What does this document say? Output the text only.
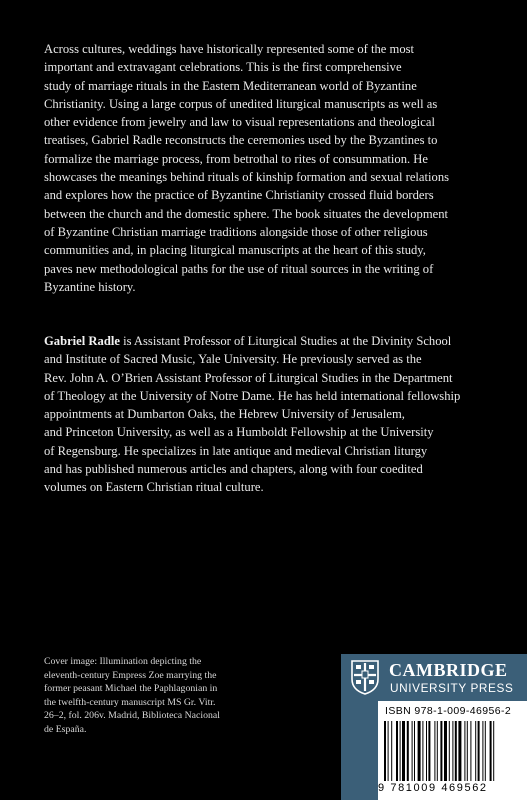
Across cultures, weddings have historically represented some of the most

important and extravagant celebrations. This is the first comprehensive

study of marriage rituals in the Eastern Mediterranean world of Byzantine

Christianity. Using a large corpus of unedited liturgical manuscripts as well as

other evidence from jewelry and law to visual representations and theological

treatises, Gabriel Radle reconstructs the ceremonies used by the Byzantines to

formalize the marriage process, from betrothal to rites of consummation. He

showcases the meanings behind rituals of kinship formation and sexual relations

and explores how the practice of Byzantine Christianity crossed fluid borders

between the church and the domestic sphere. The book situates the development

of Byzantine Christian marriage traditions alongside those of other religious

communities and, in placing liturgical manuscripts at the heart of this study,

paves new methodological paths for the use of ritual sources in the writing of

Byzantine history.

Gabriel Radle is Assistant Professor of Liturgical Studies at the Divinity School

and Institute of Sacred Music, Yale University. He previously served as the

Rev. John A. O’Brien Assistant Professor of Liturgical Studies in the Department

of Theology at the University of Notre Dame. He has held international fellowship

appointments at Dumbarton Oaks, the Hebrew University of Jerusalem,

and Princeton University, as well as a Humboldt Fellowship at the University

of Regensburg. He specializes in late antique and medieval Christian liturgy

and has published numerous articles and chapters, along with four coedited

volumes on Eastern Christian ritual culture.

Cover image: Illumination depicting the
eleventh-century Empress Zoe marrying the
former peasant Michael the Paphlagonian in
the twelfth-century manuscript MS Gr. Vitr.
26–2, fol. 206v. Madrid, Biblioteca Nacional
de España.
CAMBRIDGE
UNIVERSITY PRESS
ISBN 978-1-009-46956-2
9 781009 469562
